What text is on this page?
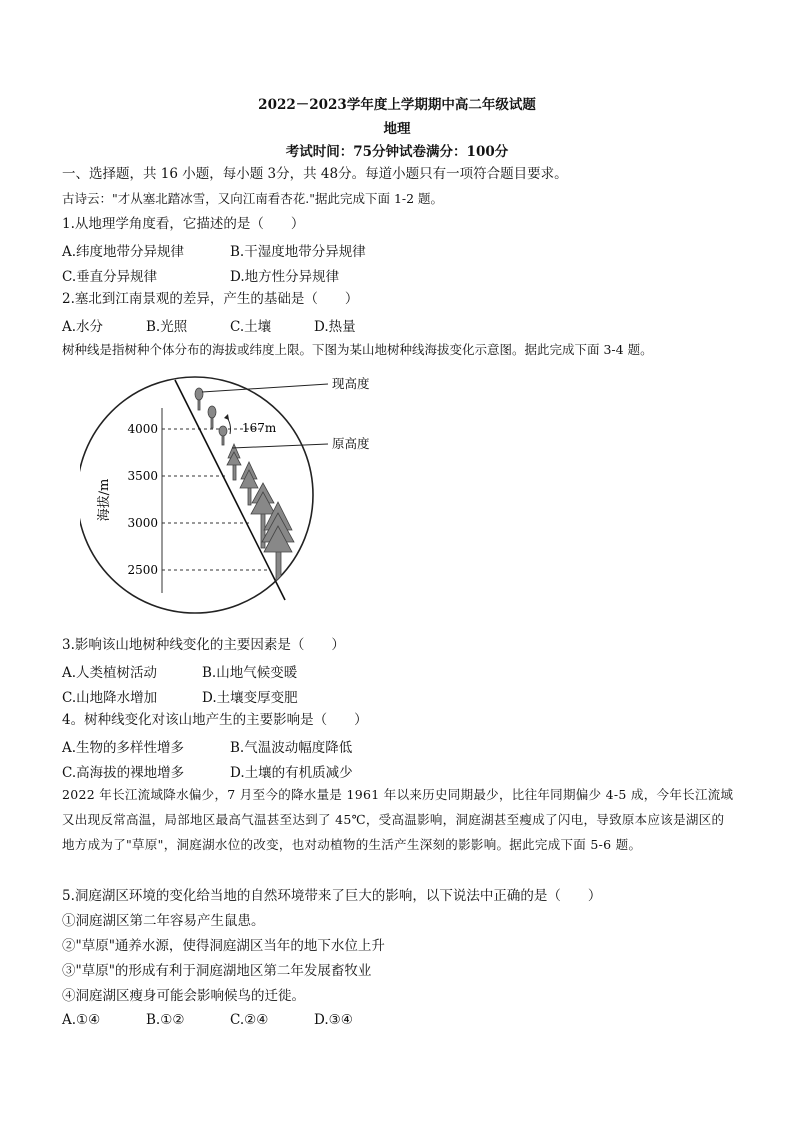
2022－2023学年度上学期期中高二年级试题
地理
考试时间：75分钟试卷满分：100分
一、选择题，共 16 小题，每小题 3分，共 48分。每道小题只有一项符合题目要求。
古诗云："才从塞北踏冰雪，又向江南看杏花."据此完成下面 1-2 题。
1.从地理学角度看，它描述的是（　　）
A.纬度地带分异规律	B.干湿度地带分异规律
C.垂直分异规律	D.地方性分异规律
2.塞北到江南景观的差异，产生的基础是（　　）
A.水分	B.光照	C.土壤	D.热量
树种线是指树种个体分布的海拔或纬度上限。下图为某山地树种线海拔变化示意图。据此完成下面 3-4 题。
4000
3500
3000
2500
海拔/m
167m
现高度
原高度
3.影响该山地树种线变化的主要因素是（　　）
A.人类植树活动	B.山地气候变暖
C.山地降水增加	D.土壤变厚变肥
4。树种线变化对该山地产生的主要影响是（　　）
A.生物的多样性增多	B.气温波动幅度降低
C.高海拔的裸地增多	D.土壤的有机质减少
2022 年长江流域降水偏少，7 月至今的降水量是 1961 年以来历史同期最少，比往年同期偏少 4-5 成，今年长江流域又出现反常高温，局部地区最高气温甚至达到了 45℃，受高温影响，洞庭湖甚至瘦成了闪电，导致原本应该是湖区的地方成为了"草原"，洞庭湖水位的改变，也对动植物的生活产生深刻的影影响。据此完成下面 5-6 题。
5.洞庭湖区环境的变化给当地的自然环境带来了巨大的影响，以下说法中正确的是（　　）
①洞庭湖区第二年容易产生鼠患。
②"草原"通养水源，使得洞庭湖区当年的地下水位上升
③"草原"的形成有利于洞庭湖地区第二年发展畜牧业
④洞庭湖区瘦身可能会影响候鸟的迁徙。
A.①④	B.①②	C.②④	D.③④
